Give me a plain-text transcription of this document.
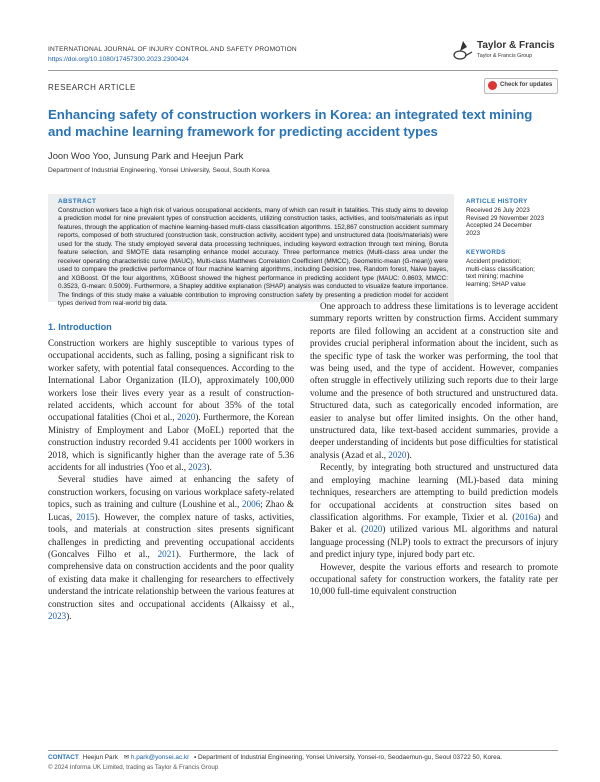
INTERNATIONAL JOURNAL OF INJURY CONTROL AND SAFETY PROMOTION
https://doi.org/10.1080/17457300.2023.2300424
Taylor & Francis
Taylor & Francis Group
RESEARCH ARTICLE	Check for updates
Enhancing safety of construction workers in Korea: an integrated text mining and machine learning framework for predicting accident types
Joon Woo Yoo, Junsung Park and Heejun Park
Department of Industrial Engineering, Yonsei University, Seoul, South Korea
ABSTRACT
Construction workers face a high risk of various occupational accidents, many of which can result in fatalities. This study aims to develop a prediction model for nine prevalent types of construction accidents, utilizing construction tasks, activities, and tools/materials as input features, through the application of machine learning-based multi-class classification algorithms. 152,867 construction accident summary reports, composed of both structured (construction task, construction activity, accident type) and unstructured data (tools/materials) were used for the study. The study employed several data processing techniques, including keyword extraction through text mining, Boruta feature selection, and SMOTE data resampling enhance model accuracy. Three performance metrics (Multi-class area under the receiver operating characteristic curve (MAUC), Multi-class Matthews Correlation Coefficient (MMCC), Geometric-mean (G-mean)) were used to compare the predictive performance of four machine learning algorithms, including Decision tree, Random forest, Naive bayes, and XGBoost. Of the four algorithms, XGBoost showed the highest performance in predicting accident type (MAUC: 0.8603, MMCC: 0.3523, G-mean: 0.5009). Furthermore, a Shapley additive explanation (SHAP) analysis was conducted to visualize feature importance. The findings of this study make a valuable contribution to improving construction safety by presenting a prediction model for accident types derived from real-world big data.
ARTICLE HISTORY
Received 26 July 2023
Revised 29 November 2023
Accepted 24 December
2023
KEYWORDS
Accident prediction;
multi-class classification;
text mining; machine
learning; SHAP value
1. Introduction

Construction workers are highly susceptible to various types of occupational accidents, such as falling, posing a significant risk to worker safety, with potential fatal consequences. According to the International Labor Organization (ILO), approximately 100,000 workers lose their lives every year as a result of construction-related accidents, which account for about 35% of the total occupational fatalities (Choi et al., 2020). Furthermore, the Korean Ministry of Employment and Labor (MoEL) reported that the construction industry recorded 9.41 accidents per 1000 workers in 2018, which is significantly higher than the average rate of 5.36 accidents for all industries (Yoo et al., 2023).

Several studies have aimed at enhancing the safety of construction workers, focusing on various workplace safety-related topics, such as training and culture (Loushine et al., 2006; Zhao & Lucas, 2015). However, the complex nature of tasks, activities, tools, and materials at construction sites presents significant challenges in predicting and preventing occupational accidents (Goncalves Filho et al., 2021). Furthermore, the lack of comprehensive data on construction accidents and the poor quality of existing data make it challenging for researchers to effectively understand the intricate relationship between the various features at construction sites and occupational accidents (Alkaissy et al., 2023).

One approach to address these limitations is to leverage accident summary reports written by construction firms. Accident summary reports are filed following an accident at a construction site and provides crucial peripheral information about the incident, such as the specific type of task the worker was performing, the tool that was being used, and the type of accident. However, companies often struggle in effectively utilizing such reports due to their large volume and the presence of both structured and unstructured data. Structured data, such as categorically encoded information, are easier to analyse but offer limited insights. On the other hand, unstructured data, like text-based accident summaries, provide a deeper understanding of incidents but pose difficulties for statistical analysis (Azad et al., 2020).

Recently, by integrating both structured and unstructured data and employing machine learning (ML)-based data mining techniques, researchers are attempting to build prediction models for occupational accidents at construction sites based on classification algorithms. For example, Tixier et al. (2016a) and Baker et al. (2020) utilized various ML algorithms and natural language processing (NLP) tools to extract the precursors of injury and predict injury type, injured body part etc.

However, despite the various efforts and research to promote occupational safety for construction workers, the fatality rate per 10,000 full-time equivalent construction

CONTACT Heejun Park ✉ h.park@yonsei.ac.kr ▪ Department of Industrial Engineering, Yonsei University, Yonsei-ro, Seodaemun-gu, Seoul 03722 50, Korea.
© 2024 Informa UK Limited, trading as Taylor & Francis Group
